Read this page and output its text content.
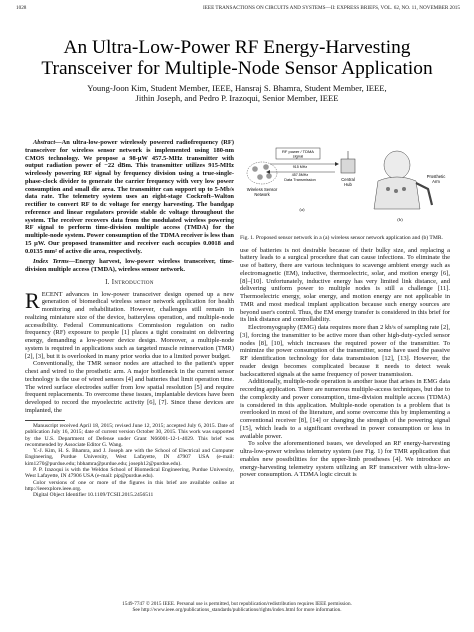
1028	IEEE TRANSACTIONS ON CIRCUITS AND SYSTEMS—II: EXPRESS BRIEFS, VOL. 62, NO. 11, NOVEMBER 2015
An Ultra-Low-Power RF Energy-Harvesting
Transceiver for Multiple-Node Sensor Application
Young-Joon Kim, Student Member, IEEE, Hansraj S. Bhamra, Student Member, IEEE,
Jithin Joseph, and Pedro P. Irazoqui, Senior Member, IEEE

Abstract—An ultra-low-power wirelessly powered radiofrequency (RF) transceiver for wireless sensor network is implemented using 180-nm CMOS technology. We propose a 98-μW 457.5-MHz transmitter with output radiation power of −22 dBm. This transmitter utilizes 915-MHz wirelessly powering RF signal by frequency division using a true-single-phase-clock divider to generate the carrier frequency with very low power consumption and small die area. The transmitter can support up to 5-Mb/s data rate. The telemetry system uses an eight-stage Cockroft–Walton rectifier to convert RF to dc voltage for energy harvesting. The bandgap reference and linear regulators provide stable dc voltage throughout the system. The receiver recovers data from the modulated wireless powering RF signal to perform time-division multiple access (TMDA) for the multiple-node system. Power consumption of the TDMA receiver is less than 15 μW. Our proposed transmitter and receiver each occupies 0.0018 and 0.0135 mm² of active die area, respectively.

Index Terms—Energy harvest, low-power wireless transceiver, time-division multiple access (TMDA), wireless sensor network.

I. Introduction

RECENT advances in low-power transceiver design opened up a new generation of biomedical wireless sensor network application for health monitoring and rehabilitation. However, challenges still remain in realizing miniature size of the device, batteryless operation, and multiple-node accessibility. Federal Communications Commission regulation on radio frequency (RF) exposure to people [1] places a tight constraint on delivering energy, demanding a low-power device design. Moreover, a multiple-node system is required in applications such as targeted muscle reinnervation (TMR) [2], [3], but it is overlooked in many prior works due to a limited power budget.

Conventionally, the TMR sensor nodes are attached to the patient's upper chest and wired to the prosthetic arm. A major bottleneck in the current sensor technology is the use of wired sensors [4] and batteries that limit operation time. The wired surface electrodes suffer from low spatial resolution [5] and require frequent replacements. To overcome these issues, implantable devices have been developed to record the myoelectric activity [6], [7]. Since these devices are implanted, the

Manuscript received April 18, 2015; revised June 12, 2015; accepted July 6, 2015. Date of publication July 16, 2015; date of current version October 30, 2015. This work was supported by the U.S. Department of Defense under Grant N66001-12-1-4029. This brief was recommended by Associate Editor G. Wang.

Y.-J. Kim, H. S. Bhamra, and J. Joseph are with the School of Electrical and Computer Engineering, Purdue University, West Lafayette, IN 47907 USA (e-mail: kim1270@purdue.edu; hbhamra@purdue.edu; joseph12@purdue.edu).

P. P. Irazoqui is with the Weldon School of Biomedical Engineering, Purdue University, West Lafayette, IN 47906 USA (e-mail: pip@purdue.edu).

Color versions of one or more of the figures in this brief are available online at http://ieeexplore.ieee.org.

Digital Object Identifier 10.1109/TCSII.2015.2456511

RF power / TDMA
signal
915 MHz
457.5MHz
Data Transmission
Wireless Sensor
Network
Central
Hub
(a)
Prosthetic
Arm
(b)
Fig. 1. Proposed sensor network in a (a) wireless sensor network application and (b) TMR.

use of batteries is not desirable because of their bulky size, and replacing a battery leads to a surgical procedure that can cause infections. To eliminate the use of battery, there are various techniques to scavenge ambient energy such as electromagnetic (EM), inductive, thermoelectric, solar, and motion energy [6], [8]–[10]. Unfortunately, inductive energy has very limited link distance, and delivering uniform power to multiple nodes is still a challenge [11]. Thermoelectric energy, solar energy, and motion energy are not applicable in TMR and most medical implant application because such energy sources are beyond user's control. Thus, the EM energy transfer is considered in this brief for its link distance and controllability.

Electromyography (EMG) data requires more than 2 kb/s of sampling rate [2], [3], forcing the transmitter to be active more than other high-duty-cycled sensor nodes [8], [10], which increases the required power of the transmitter. To minimize the power consumption of the transmitter, some have used the passive RF identification technology for data transmission [12], [13]. However, the reader design becomes complicated because it needs to detect weak backscattered signals at the same frequency of power transmission.

Additionally, multiple-node operation is another issue that arises in EMG data recording application. There are numerous multiple-access techniques, but due to the complexity and power consumption, time-division multiple access (TDMA) is considered in this application. Multiple-node operation is a problem that is overlooked in most of the literature, and some overcome this by implementing a conventional receiver [8], [14] or changing the strength of the powering signal [15], which leads to a significant overhead in power consumption or less in available power.

To solve the aforementioned issues, we developed an RF energy-harvesting ultra-low-power wireless telemetry system (see Fig. 1) for TMR application that enables new possibilities for the upper-limb prostheses [4]. We introduce an energy-harvesting telemetry system utilizing an RF transceiver with ultra-low-power consumption. A TDMA logic circuit is

1549-7747 © 2015 IEEE. Personal use is permitted, but republication/redistribution requires IEEE permission.
See http://www.ieee.org/publications_standards/publications/rights/index.html for more information.
